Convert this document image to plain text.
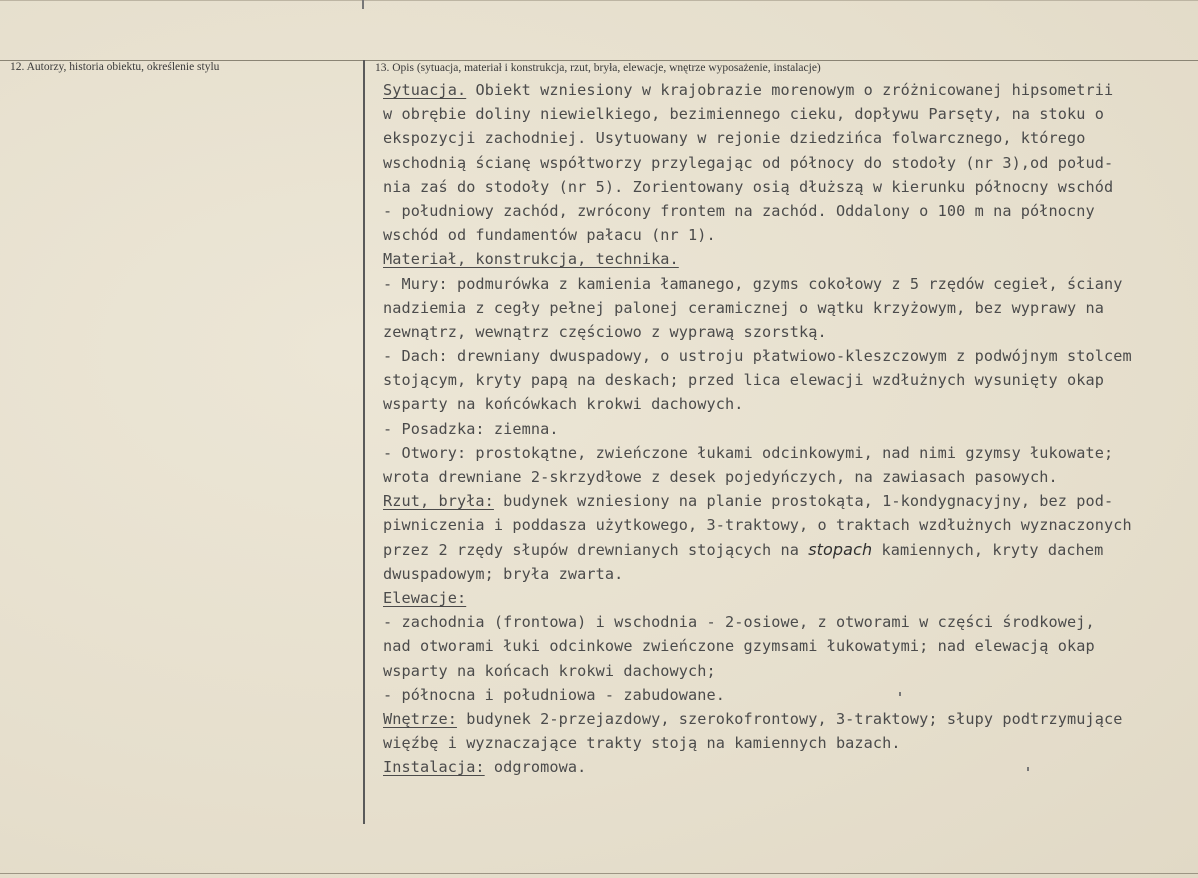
12. Autorzy, historia obiektu, określenie stylu	13. Opis (sytuacja, materiał i konstrukcja, rzut, bryła, elewacje, wnętrze wyposażenie, instalacje)
Sytuacja. Obiekt wzniesiony w krajobrazie morenowym o zróżnicowanej hipsometrii
w obrębie doliny niewielkiego, bezimiennego cieku, dopływu Parsęty, na stoku o
ekspozycji zachodniej. Usytuowany w rejonie dziedzińca folwarcznego, którego
wschodnią ścianę współtworzy przylegając od północy do stodoły (nr 3),od połud-
nia zaś do stodoły (nr 5). Zorientowany osią dłuższą w kierunku północny wschód
- południowy zachód, zwrócony frontem na zachód. Oddalony o 100 m na północny
wschód od fundamentów pałacu (nr 1).
Materiał, konstrukcja, technika.
- Mury: podmurówka z kamienia łamanego, gzyms cokołowy z 5 rzędów cegieł, ściany
nadziemia z cegły pełnej palonej ceramicznej o wątku krzyżowym, bez wyprawy na
zewnątrz, wewnątrz częściowo z wyprawą szorstką.
- Dach: drewniany dwuspadowy, o ustroju płatwiowo-kleszczowym z podwójnym stolcem
stojącym, kryty papą na deskach; przed lica elewacji wzdłużnych wysunięty okap
wsparty na końcówkach krokwi dachowych.
- Posadzka: ziemna.
- Otwory: prostokątne, zwieńczone łukami odcinkowymi, nad nimi gzymsy łukowate;
wrota drewniane 2-skrzydłowe z desek pojedyńczych, na zawiasach pasowych.
Rzut, bryła: budynek wzniesiony na planie prostokąta, 1-kondygnacyjny, bez pod-
piwniczenia i poddasza użytkowego, 3-traktowy, o traktach wzdłużnych wyznaczonych
przez 2 rzędy słupów drewnianych stojących na stopach kamiennych, kryty dachem
dwuspadowym; bryła zwarta.
Elewacje:
- zachodnia (frontowa) i wschodnia - 2-osiowe, z otworami w części środkowej,
nad otworami łuki odcinkowe zwieńczone gzymsami łukowatymi; nad elewacją okap
wsparty na końcach krokwi dachowych;
- północna i południowa - zabudowane.
Wnętrze: budynek 2-przejazdowy, szerokofrontowy, 3-traktowy; słupy podtrzymujące
więźbę i wyznaczające trakty stoją na kamiennych bazach.
Instalacja: odgromowa.
